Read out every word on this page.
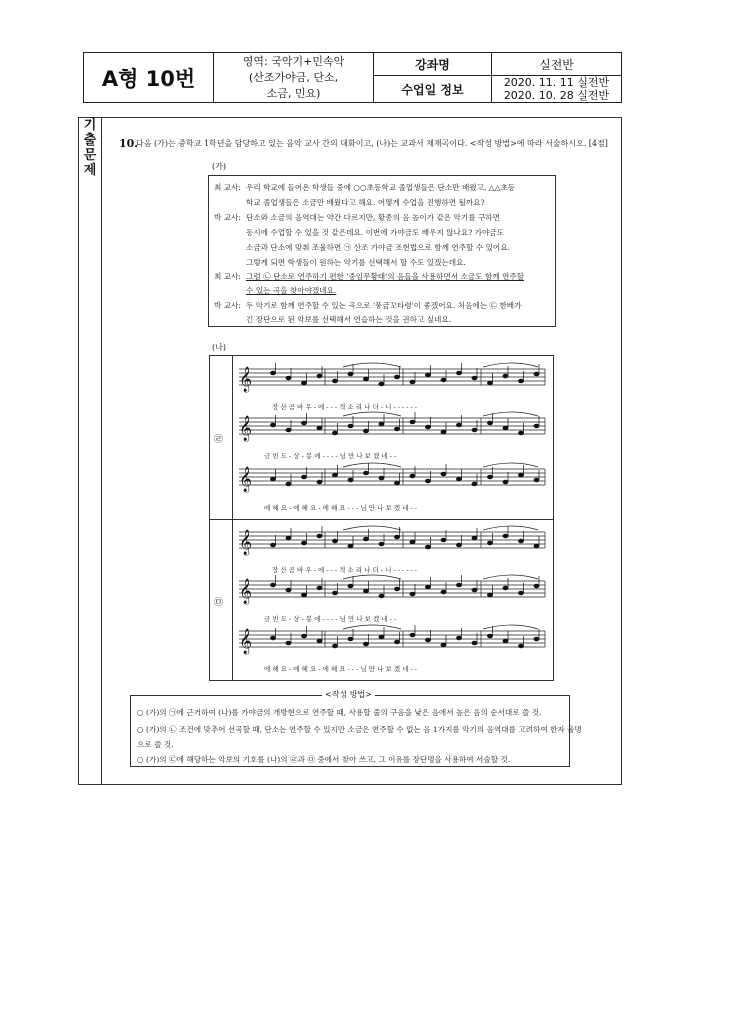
A형 10번	영역: 국악기+민속악
(산조가야금, 단소,
소금, 민요)	강좌명	실전반
		수업일 정보	2020. 11. 11 실전반
2020. 10. 28 실전반
기
출
문
제
10.
다음 (가)는 중학교 1학년을 담당하고 있는 음악 교사 간의 대화이고, (나)는 교과서 제재곡이다. <작성 방법>에 따라 서술하시오. [4점]
(가)
최 교사: 우리 학교에 들어온 학생들 중에 ○○초등학교 졸업생들은 단소만 배웠고, △△초등
학교 졸업생들은 소금만 배웠다고 해요. 어떻게 수업을 진행하면 될까요?
박 교사: 단소와 소금의 음역대는 약간 다르지만, 황종의 음 높이가 같은 악기를 구하면
동시에 수업할 수 있을 것 같은데요. 이번에 가야금도 배우지 않나요? 가야금도
소금과 단소에 맞춰 조율하면 ㉠ 산조 가야금 조현법으로 함께 연주할 수 있어요.
그렇게 되면 학생들이 원하는 악기를 선택해서 할 수도 있겠는데요.
최 교사: 그럼 ㉡ 단소로 연주하기 편한 '중임무황태'의 음들을 사용하면서 소금도 함께 연주할
수 있는 곡을 찾아야겠네요.
박 교사: 두 악기로 함께 연주할 수 있는 곡으로 '풍금꼬타령'이 좋겠어요. 처음에는 ㉢ 한배가
긴 장단으로 된 악보를 선택해서 연습하는 것을 권하고 싶네요.
(나)
㉣
㉤
𝄞
𝄞
𝄞
𝄞
𝄞
𝄞
장 산 곰 바 우 - 에 - - - 적 소 리 나 더 - 니 - - - - - -
금 빈 도 - 상 - 봉 에 - - - - 님 만 나 보 겠 네 - -
에 헤 요 - 에 헤 요 - 에 헤 요 - - - 님 만 나 보 겠 네 - -
장 산 곰 바 우 - 에 - - - 적 소 리 나 더 - 니 - - - - - -
금 빈 도 - 상 - 봉 에 - - - - 님 만 나 보 겠 네 - -
에 헤 요 - 에 헤 요 - 에 헤 요 - - - 님 만 나 보 겠 네 - -
<작성 방법>
○ (가)의 ㉠에 근거하여 (나)를 가야금의 개방현으로 연주할 때, 사용할 줄의 구음을 낮은 음에서 높은 음의 순서대로 쓸 것.
○ (가)의 ㉡ 조건에 맞추어 선곡할 때, 단소는 연주할 수 있지만 소금은 연주할 수 없는 음 1가지를 악기의 음역대를 고려하여 한자 율명
으로 쓸 것.
○ (가)의 ㉢에 해당하는 악보의 기호를 (나)의 ㉣과 ㉤ 중에서 찾아 쓰고, 그 이유를 장단명을 사용하여 서술할 것.
